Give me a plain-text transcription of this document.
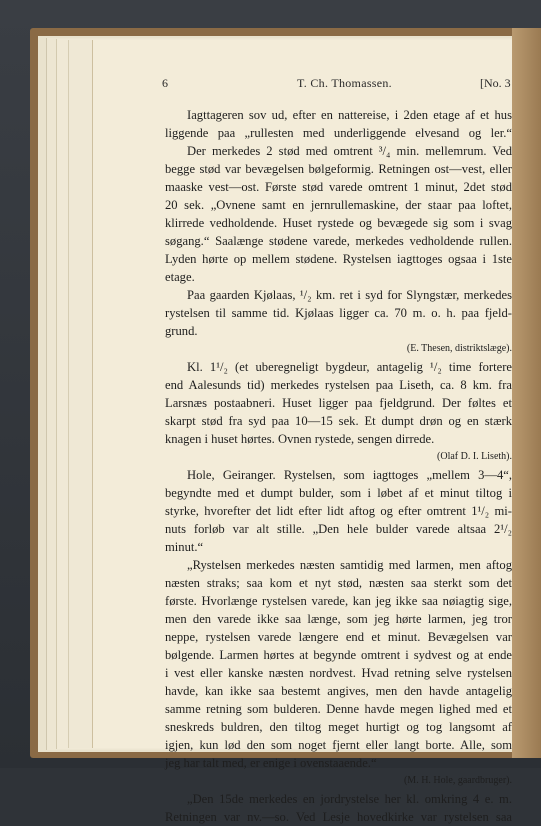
6	T. Ch. Thomassen.	[No. 3
Iagttageren sov ud, efter en nattereise, i 2den etage af et hus
liggende paa „rullesten med underliggende elvesand og ler.“
Der merkedes 2 stød med omtrent ³/₄ min. mellemrum. Ved
begge stød var bevægelsen bølgeformig. Retningen ost—vest, eller
maaske vest—ost. Første stød varede omtrent 1 minut, 2det stød
20 sek. „Ovnene samt en jernrullemaskine, der staar paa loftet,
klirrede vedholdende. Huset rystede og bevægede sig som i svag
søgang.“ Saalænge stødene varede, merkedes vedholdende rullen.
Lyden hørte op mellem stødene. Rystelsen iagttoges ogsaa i 1ste
etage.
Paa gaarden Kjølaas, ¹/₂ km. ret i syd for Slyngstær, merkedes
rystelsen til samme tid. Kjølaas ligger ca. 70 m. o. h. paa fjeld-
grund.
(E. Thesen, distriktslæge).
Kl. 1¹/₂ (et uberegneligt bygdeur, antagelig ¹/₂ time fortere
end Aalesunds tid) merkedes rystelsen paa Liseth, ca. 8 km. fra
Larsnæs postaabneri. Huset ligger paa fjeldgrund. Der føltes et
skarpt stød fra syd paa 10—15 sek. Et dumpt drøn og en stærk
knagen i huset hørtes. Ovnen rystede, sengen dirrede.
(Olaf D. I. Liseth).
Hole, Geiranger. Rystelsen, som iagttoges „mellem 3—4“,
begyndte med et dumpt bulder, som i løbet af et minut tiltog i
styrke, hvorefter det lidt efter lidt aftog og efter omtrent 1¹/₂ mi-
nuts forløb var alt stille. „Den hele bulder varede altsaa 2¹/₂
minut.“
„Rystelsen merkedes næsten samtidig med larmen, men aftog
næsten straks; saa kom et nyt stød, næsten saa sterkt som det
første. Hvorlænge rystelsen varede, kan jeg ikke saa nøiagtig sige,
men den varede ikke saa længe, som jeg hørte larmen, jeg tror
neppe, rystelsen varede længere end et minut. Bevægelsen var
bølgende. Larmen hørtes at begynde omtrent i sydvest og at ende
i vest eller kanske næsten nordvest. Hvad retning selve rystelsen
havde, kan ikke saa bestemt angives, men den havde antagelig
samme retning som bulderen. Denne havde megen lighed med et
sneskreds buldren, den tiltog meget hurtigt og tog langsomt af
igjen, kun lød den som noget fjernt eller langt borte. Alle, som
jeg har talt med, er enige i ovenstaaende.“
(M. H. Hole, gaardbruger).
„Den 15de merkedes en jordrystelse her kl. omkring 4 e. m.
Retningen var nv.—so. Ved Lesje hovedkirke var rystelsen saa
